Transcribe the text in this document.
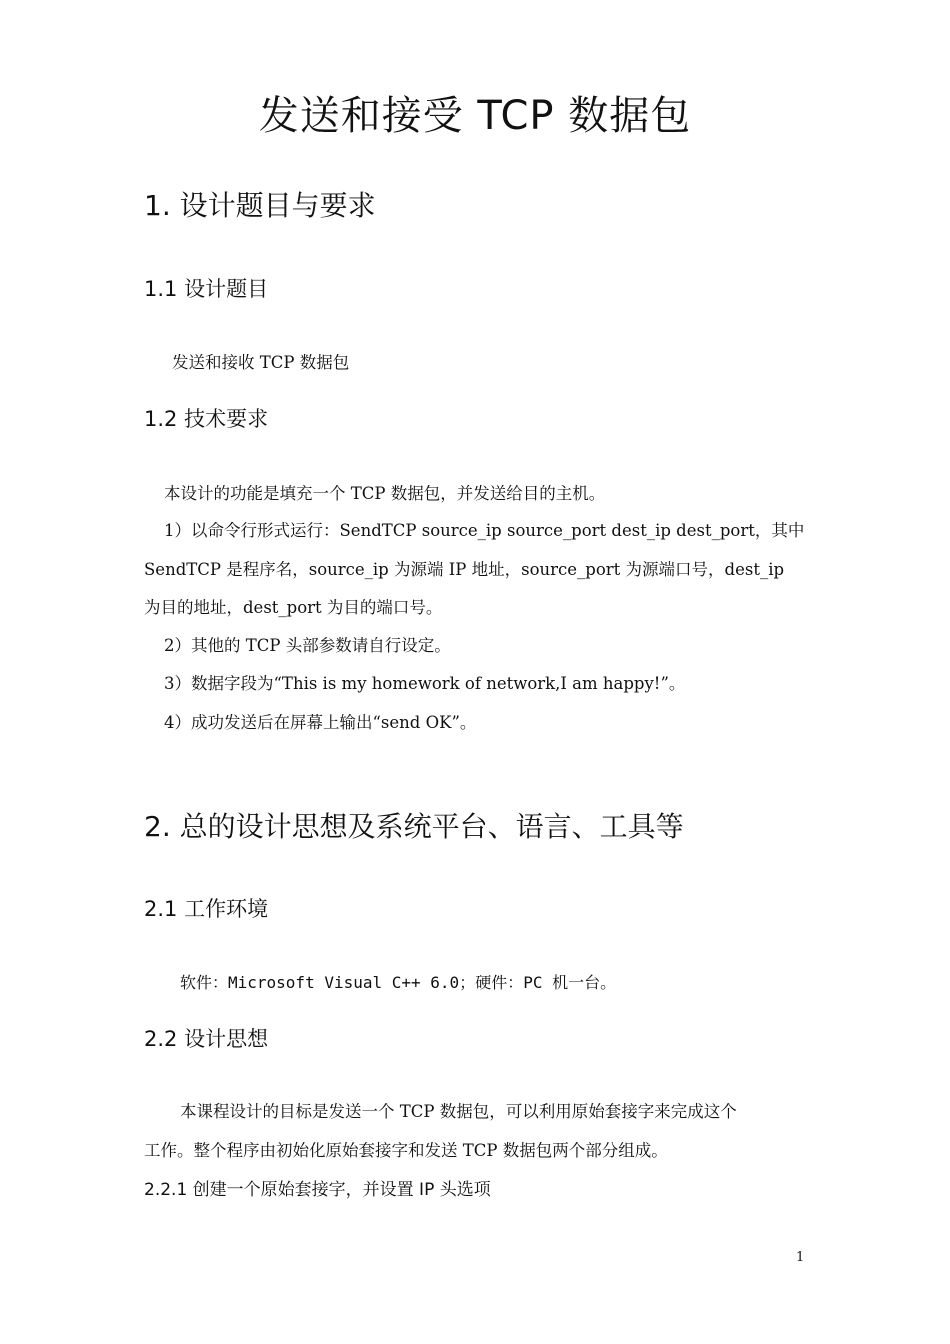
发送和接受 TCP 数据包
1. 设计题目与要求
1.1 设计题目

发送和接收 TCP 数据包

1.2 技术要求

本设计的功能是填充一个 TCP 数据包，并发送给目的主机。

1）以命令行形式运行：SendTCP source_ip source_port dest_ip dest_port，其中

SendTCP 是程序名，source_ip 为源端 IP 地址，source_port 为源端口号，dest_ip

为目的地址，dest_port 为目的端口号。

2）其他的 TCP 头部参数请自行设定。

3）数据字段为“This is my homework of network,I am happy!”。

4）成功发送后在屏幕上输出“send OK”。

2. 总的设计思想及系统平台、语言、工具等
2.1 工作环境

软件：Microsoft Visual C++ 6.0；硬件：PC 机一台。

2.2 设计思想

本课程设计的目标是发送一个 TCP 数据包，可以利用原始套接字来完成这个

工作。整个程序由初始化原始套接字和发送 TCP 数据包两个部分组成。

2.2.1 创建一个原始套接字，并设置 IP 头选项
1
